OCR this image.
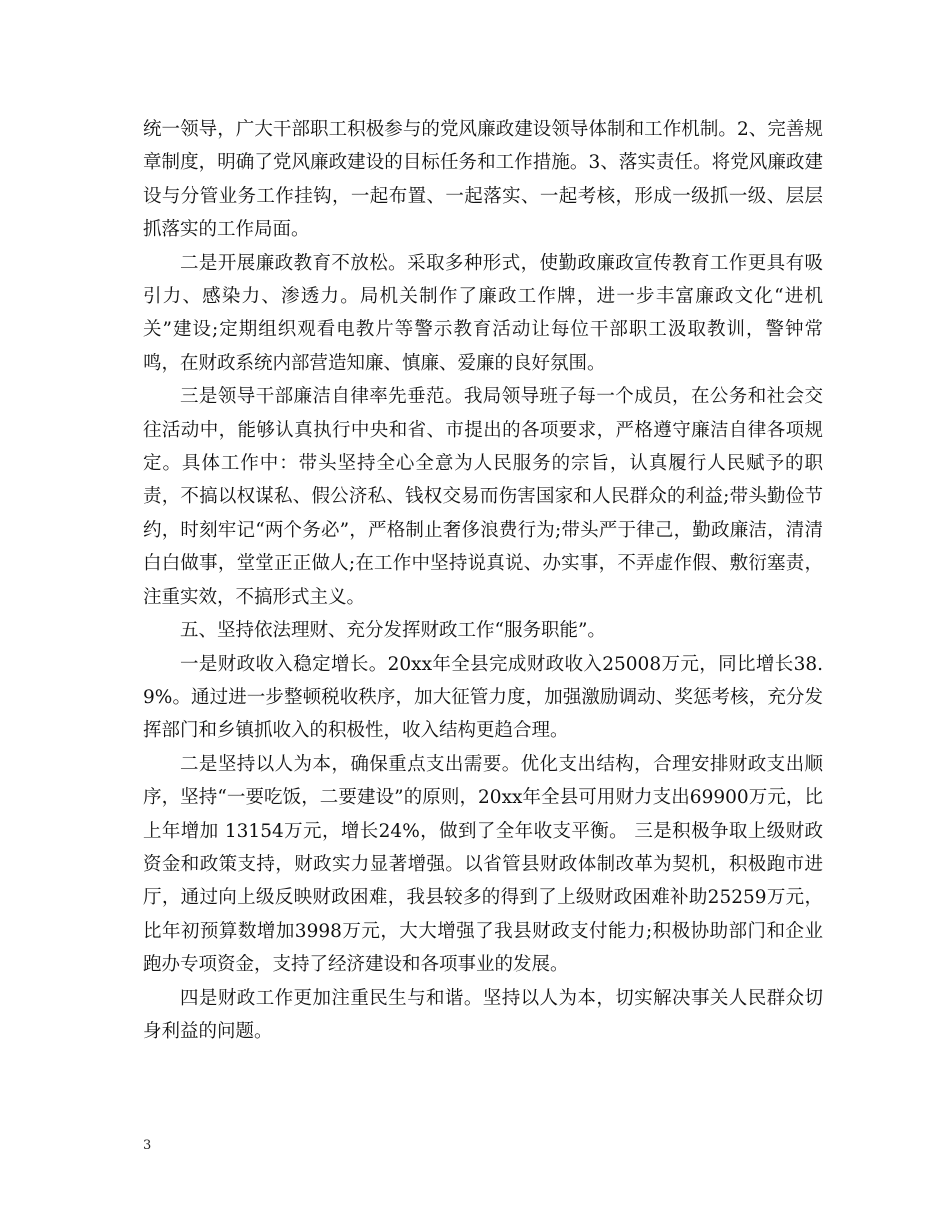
统一领导，广大干部职工积极参与的党风廉政建设领导体制和工作机制。2、完善规章制度，明确了党风廉政建设的目标任务和工作措施。3、落实责任。将党风廉政建设与分管业务工作挂钩，一起布置、一起落实、一起考核，形成一级抓一级、层层抓落实的工作局面。

二是开展廉政教育不放松。采取多种形式，使勤政廉政宣传教育工作更具有吸引力、感染力、渗透力。局机关制作了廉政工作牌，进一步丰富廉政文化“进机关”建设;定期组织观看电教片等警示教育活动让每位干部职工汲取教训，警钟常鸣，在财政系统内部营造知廉、慎廉、爱廉的良好氛围。

三是领导干部廉洁自律率先垂范。我局领导班子每一个成员，在公务和社会交往活动中，能够认真执行中央和省、市提出的各项要求，严格遵守廉洁自律各项规定。具体工作中：带头坚持全心全意为人民服务的宗旨，认真履行人民赋予的职责，不搞以权谋私、假公济私、钱权交易而伤害国家和人民群众的利益;带头勤俭节约，时刻牢记“两个务必”，严格制止奢侈浪费行为;带头严于律己，勤政廉洁，清清白白做事，堂堂正正做人;在工作中坚持说真说、办实事，不弄虚作假、敷衍塞责，注重实效，不搞形式主义。

五、坚持依法理财、充分发挥财政工作“服务职能”。

一是财政收入稳定增长。20xx年全县完成财政收入25008万元，同比增长38.9%。通过进一步整顿税收秩序，加大征管力度，加强激励调动、奖惩考核，充分发挥部门和乡镇抓收入的积极性，收入结构更趋合理。

二是坚持以人为本，确保重点支出需要。优化支出结构，合理安排财政支出顺序，坚持“一要吃饭，二要建设”的原则，20xx年全县可用财力支出69900万元，比上年增加 13154万元，增长24%，做到了全年收支平衡。 三是积极争取上级财政资金和政策支持，财政实力显著增强。以省管县财政体制改革为契机，积极跑市进厅，通过向上级反映财政困难，我县较多的得到了上级财政困难补助25259万元，比年初预算数增加3998万元，大大增强了我县财政支付能力;积极协助部门和企业跑办专项资金，支持了经济建设和各项事业的发展。

四是财政工作更加注重民生与和谐。坚持以人为本，切实解决事关人民群众切身利益的问题。

3
